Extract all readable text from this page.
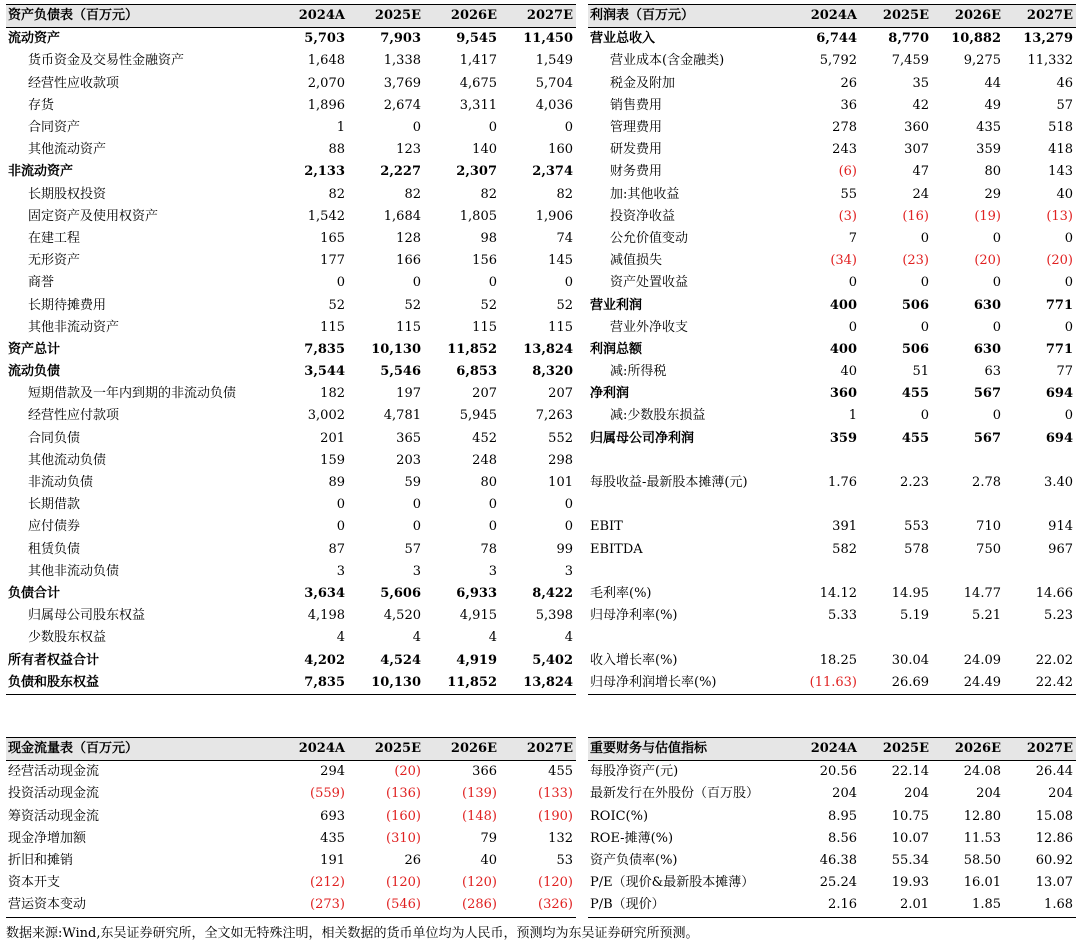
资产负债表（百万元）	2024A	2025E	2026E	2027E
流动资产	5,703	7,903	9,545	11,450
货币资金及交易性金融资产	1,648	1,338	1,417	1,549
经营性应收款项	2,070	3,769	4,675	5,704
存货	1,896	2,674	3,311	4,036
合同资产	1	0	0	0
其他流动资产	88	123	140	160
非流动资产	2,133	2,227	2,307	2,374
长期股权投资	82	82	82	82
固定资产及使用权资产	1,542	1,684	1,805	1,906
在建工程	165	128	98	74
无形资产	177	166	156	145
商誉	0	0	0	0
长期待摊费用	52	52	52	52
其他非流动资产	115	115	115	115
资产总计	7,835	10,130	11,852	13,824
流动负债	3,544	5,546	6,853	8,320
短期借款及一年内到期的非流动负债	182	197	207	207
经营性应付款项	3,002	4,781	5,945	7,263
合同负债	201	365	452	552
其他流动负债	159	203	248	298
非流动负债	89	59	80	101
长期借款	0	0	0	0
应付债券	0	0	0	0
租赁负债	87	57	78	99
其他非流动负债	3	3	3	3
负债合计	3,634	5,606	6,933	8,422
归属母公司股东权益	4,198	4,520	4,915	5,398
少数股东权益	4	4	4	4
所有者权益合计	4,202	4,524	4,919	5,402
负债和股东权益	7,835	10,130	11,852	13,824
利润表（百万元）	2024A	2025E	2026E	2027E
营业总收入	6,744	8,770	10,882	13,279
营业成本(含金融类)	5,792	7,459	9,275	11,332
税金及附加	26	35	44	46
销售费用	36	42	49	57
管理费用	278	360	435	518
研发费用	243	307	359	418
财务费用	(6)	47	80	143
加:其他收益	55	24	29	40
投资净收益	(3)	(16)	(19)	(13)
公允价值变动	7	0	0	0
减值损失	(34)	(23)	(20)	(20)
资产处置收益	0	0	0	0
营业利润	400	506	630	771
营业外净收支	0	0	0	0
利润总额	400	506	630	771
减:所得税	40	51	63	77
净利润	360	455	567	694
减:少数股东损益	1	0	0	0
归属母公司净利润	359	455	567	694

每股收益-最新股本摊薄(元)	1.76	2.23	2.78	3.40

EBIT	391	553	710	914
EBITDA	582	578	750	967

毛利率(%)	14.12	14.95	14.77	14.66
归母净利率(%)	5.33	5.19	5.21	5.23

收入增长率(%)	18.25	30.04	24.09	22.02
归母净利润增长率(%)	(11.63)	26.69	24.49	22.42
现金流量表（百万元）	2024A	2025E	2026E	2027E
经营活动现金流	294	(20)	366	455
投资活动现金流	(559)	(136)	(139)	(133)
筹资活动现金流	693	(160)	(148)	(190)
现金净增加额	435	(310)	79	132
折旧和摊销	191	26	40	53
资本开支	(212)	(120)	(120)	(120)
营运资本变动	(273)	(546)	(286)	(326)
重要财务与估值指标	2024A	2025E	2026E	2027E
每股净资产(元)	20.56	22.14	24.08	26.44
最新发行在外股份（百万股）	204	204	204	204
ROIC(%)	8.95	10.75	12.80	15.08
ROE-摊薄(%)	8.56	10.07	11.53	12.86
资产负债率(%)	46.38	55.34	58.50	60.92
P/E（现价&最新股本摊薄）	25.24	19.93	16.01	13.07
P/B（现价）	2.16	2.01	1.85	1.68
数据来源:Wind,东吴证券研究所，全文如无特殊注明，相关数据的货币单位均为人民币，预测均为东吴证券研究所预测。
